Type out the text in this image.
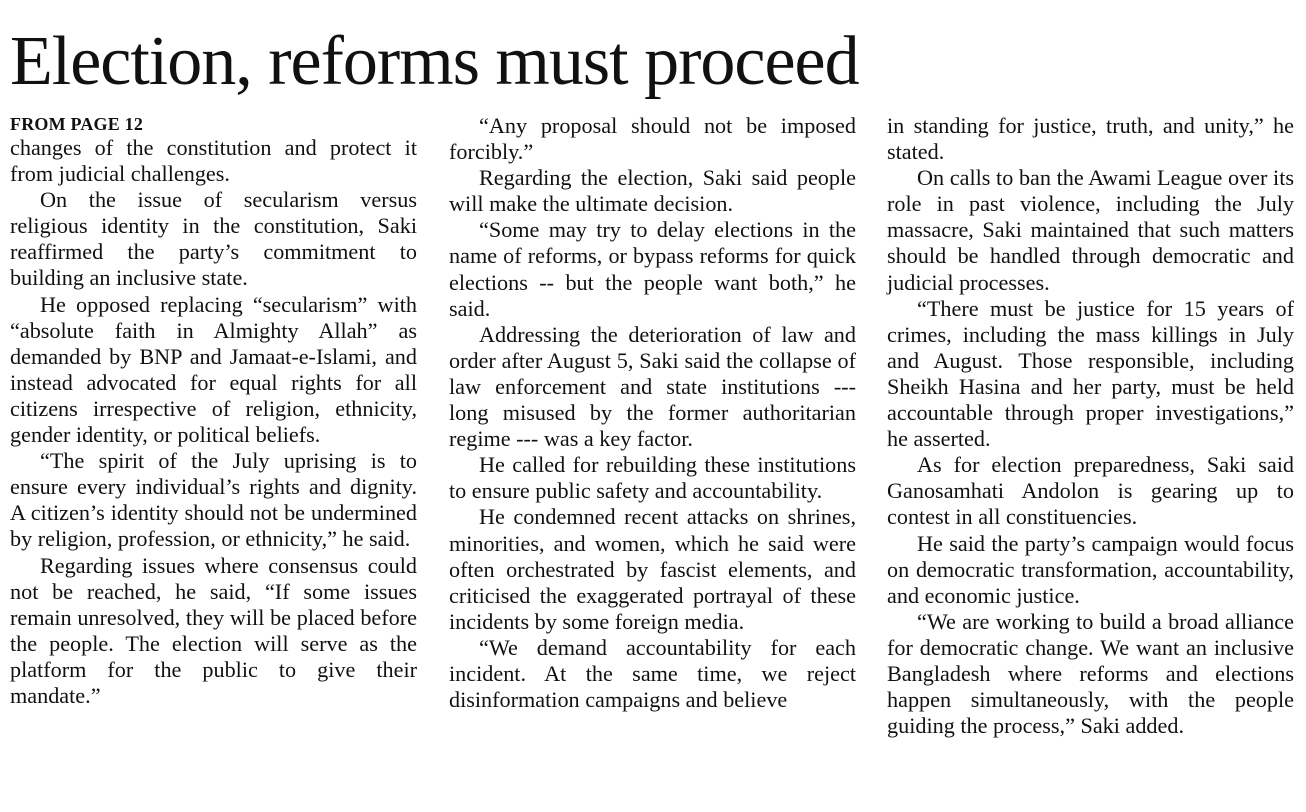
Election, reforms must proceed
FROM PAGE 12

changes of the constitution and protect it from judicial challenges.

On the issue of secularism versus religious identity in the constitution, Saki reaffirmed the party’s commitment to building an inclusive state.

He opposed replacing “secularism” with “absolute faith in Almighty Allah” as demanded by BNP and Jamaat-e-Islami, and instead advocated for equal rights for all citizens irrespective of religion, ethnicity, gender identity, or political beliefs.

“The spirit of the July uprising is to ensure every individual’s rights and dignity. A citizen’s identity should not be undermined by religion, profession, or ethnicity,” he said.

Regarding issues where consensus could not be reached, he said, “If some issues remain unresolved, they will be placed before the people. The election will serve as the platform for the public to give their mandate.”

“Any proposal should not be imposed forcibly.”

Regarding the election, Saki said people will make the ultimate decision.

“Some may try to delay elections in the name of reforms, or bypass reforms for quick elections -- but the people want both,” he said.

Addressing the deterioration of law and order after August 5, Saki said the collapse of law enforcement and state institutions --- long misused by the former authoritarian regime --- was a key factor.

He called for rebuilding these institutions to ensure public safety and accountability.

He condemned recent attacks on shrines, minorities, and women, which he said were often orchestrated by fascist elements, and criticised the exaggerated portrayal of these incidents by some foreign media.

“We demand accountability for each incident. At the same time, we reject disinformation campaigns and believe

in standing for justice, truth, and unity,” he stated.

On calls to ban the Awami League over its role in past violence, including the July massacre, Saki maintained that such matters should be handled through democratic and judicial processes.

“There must be justice for 15 years of crimes, including the mass killings in July and August. Those responsible, including Sheikh Hasina and her party, must be held accountable through proper investigations,” he asserted.

As for election preparedness, Saki said Ganosamhati Andolon is gearing up to contest in all constituencies.

He said the party’s campaign would focus on democratic transformation, accountability, and economic justice.

“We are working to build a broad alliance for democratic change. We want an inclusive Bangladesh where reforms and elections happen simultaneously, with the people guiding the process,” Saki added.
